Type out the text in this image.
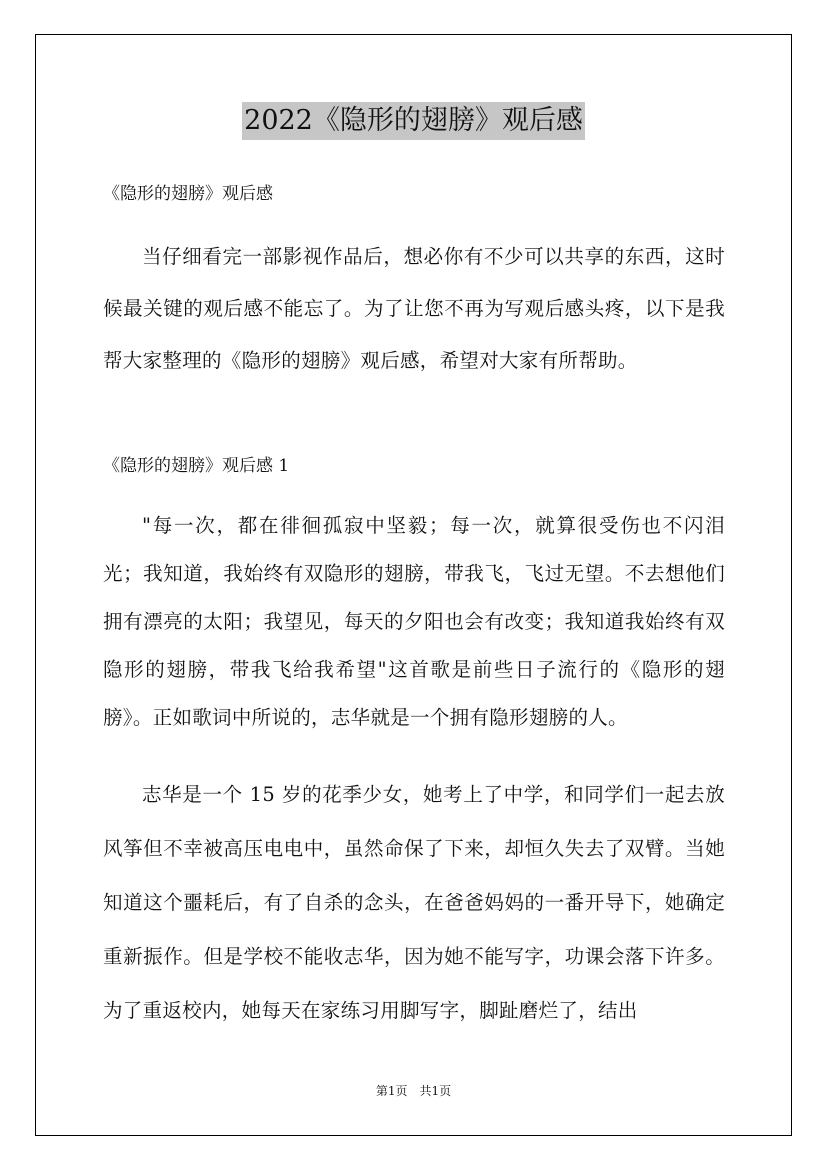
2022《隐形的翅膀》观后感
《隐形的翅膀》观后感

当仔细看完一部影视作品后，想必你有不少可以共享的东西，这时候最关键的观后感不能忘了。为了让您不再为写观后感头疼，以下是我帮大家整理的《隐形的翅膀》观后感，希望对大家有所帮助。

《隐形的翅膀》观后感 1

"每一次，都在徘徊孤寂中坚毅；每一次，就算很受伤也不闪泪光；我知道，我始终有双隐形的翅膀，带我飞，飞过无望。不去想他们拥有漂亮的太阳；我望见，每天的夕阳也会有改变；我知道我始终有双隐形的翅膀，带我飞给我希望"这首歌是前些日子流行的《隐形的翅膀》。正如歌词中所说的，志华就是一个拥有隐形翅膀的人。

志华是一个 15 岁的花季少女，她考上了中学，和同学们一起去放风筝但不幸被高压电电中，虽然命保了下来，却恒久失去了双臂。当她知道这个噩耗后，有了自杀的念头，在爸爸妈妈的一番开导下，她确定重新振作。但是学校不能收志华，因为她不能写字，功课会落下许多。为了重返校内，她每天在家练习用脚写字，脚趾磨烂了，结出

第1页　共1页
